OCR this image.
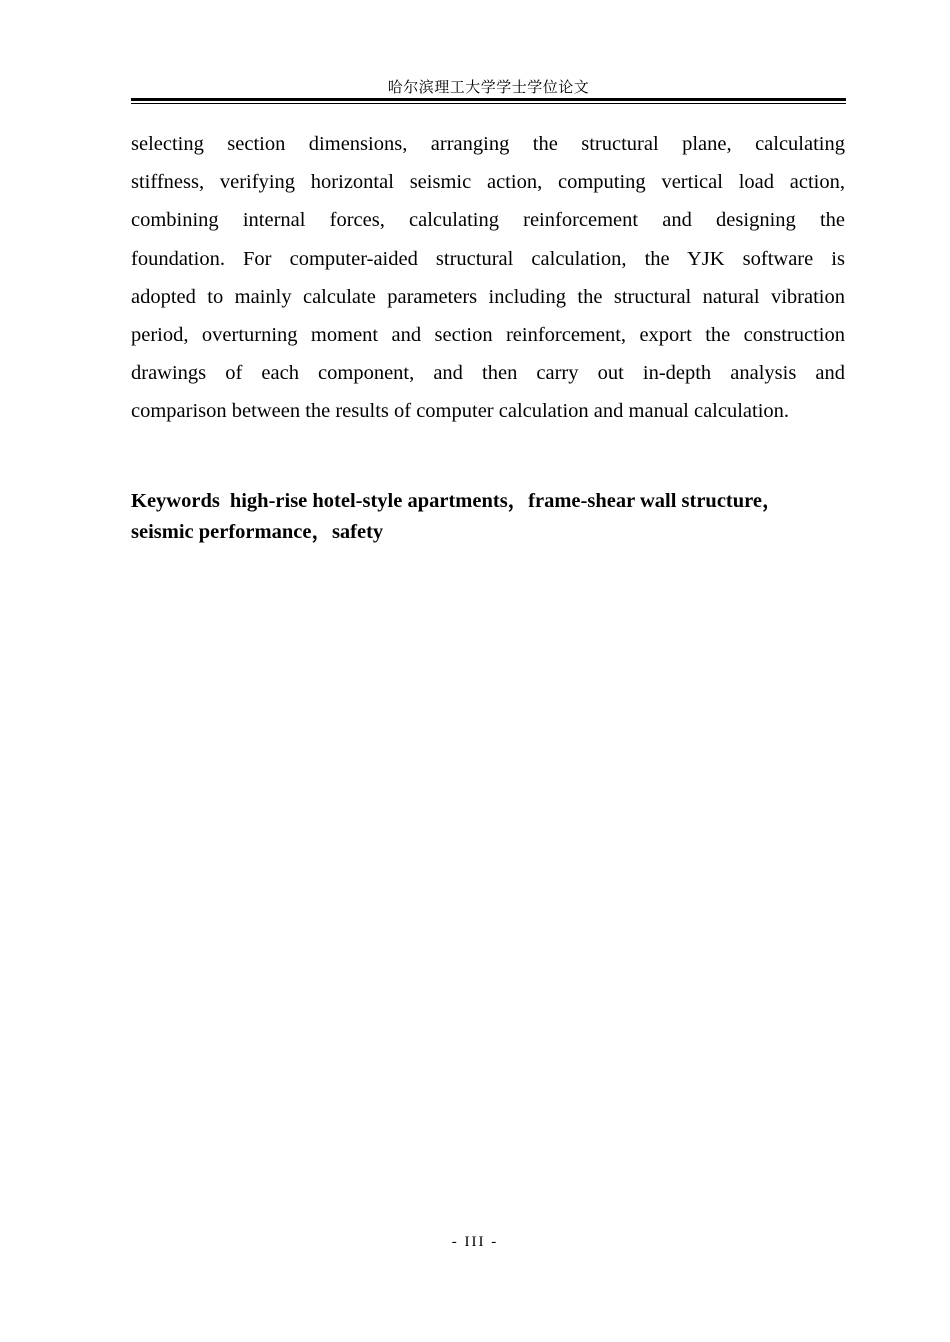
哈尔滨理工大学学士学位论文
selecting section dimensions, arranging the structural plane, calculating
stiffness, verifying horizontal seismic action, computing vertical load action,
combining internal forces, calculating reinforcement and designing the
foundation. For computer-aided structural calculation, the YJK software is
adopted to mainly calculate parameters including the structural natural vibration
period, overturning moment and section reinforcement, export the construction
drawings of each component, and then carry out in-depth analysis and
comparison between the results of computer calculation and manual calculation.
Keywords high-rise hotel-style apartments，frame-shear wall structure，
seismic performance，safety
- III -
